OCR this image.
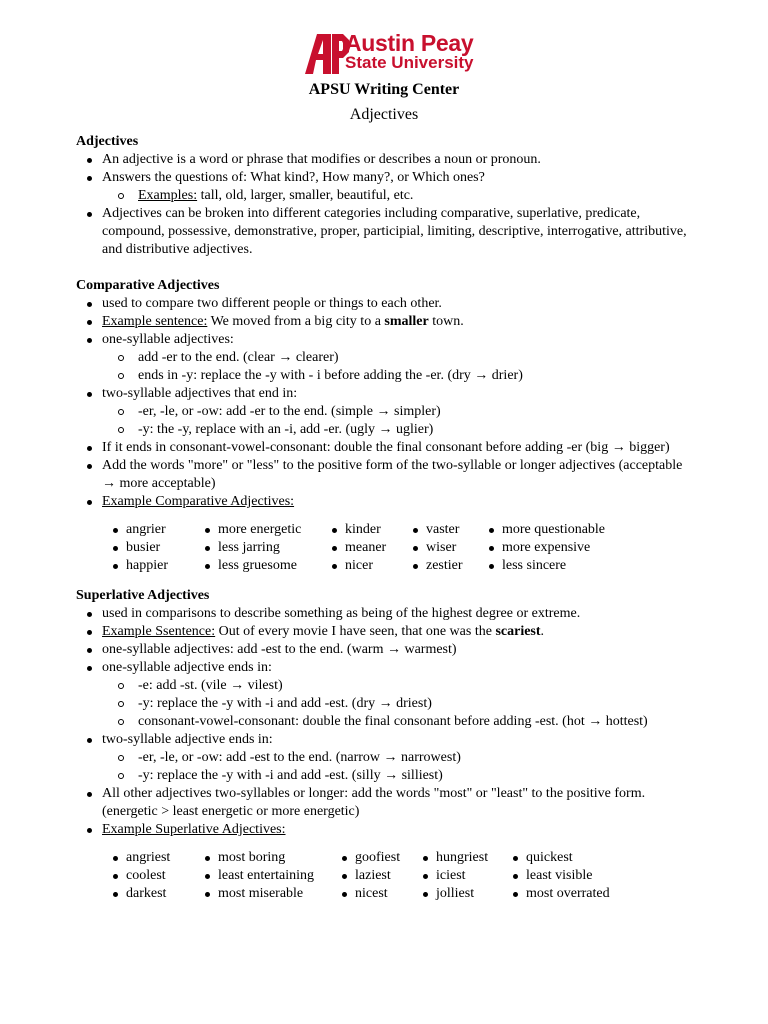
Austin Peay
State University
APSU Writing Center
Adjectives
Adjectives
An adjective is a word or phrase that modifies or describes a noun or pronoun.
Answers the questions of: What kind?, How many?, or Which ones?
Examples: tall, old, larger, smaller, beautiful, etc.
Adjectives can be broken into different categories including comparative, superlative, predicate, compound, possessive, demonstrative, proper, participial, limiting, descriptive, interrogative, attributive, and distributive adjectives.
Comparative Adjectives
used to compare two different people or things to each other.
Example sentence: We moved from a big city to a smaller town.
one-syllable adjectives:
add -er to the end. (clear → clearer)
ends in -y: replace the -y with - i before adding the -er. (dry → drier)
two-syllable adjectives that end in:
-er, -le, or -ow: add -er to the end. (simple → simpler)
-y: the -y, replace with an -i, add -er. (ugly → uglier)
If it ends in consonant-vowel-consonant: double the final consonant before adding -er (big → bigger)
Add the words "more" or "less" to the positive form of the two-syllable or longer adjectives (acceptable → more acceptable)
Example Comparative Adjectives:
angrier
busier
happier
more energetic
less jarring
less gruesome
kinder
meaner
nicer
vaster
wiser
zestier
more questionable
more expensive
less sincere
Superlative Adjectives
used in comparisons to describe something as being of the highest degree or extreme.
Example Ssentence: Out of every movie I have seen, that one was the scariest.
one-syllable adjectives: add -est to the end. (warm → warmest)
one-syllable adjective ends in:
-e: add -st. (vile → vilest)
-y: replace the -y with -i and add -est. (dry → driest)
consonant-vowel-consonant: double the final consonant before adding -est. (hot → hottest)
two-syllable adjective ends in:
-er, -le, or -ow: add -est to the end. (narrow → narrowest)
-y: replace the -y with -i and add -est. (silly → silliest)
All other adjectives two-syllables or longer: add the words "most" or "least" to the positive form. (energetic > least energetic or more energetic)
Example Superlative Adjectives:
angriest
coolest
darkest
most boring
least entertaining
most miserable
goofiest
laziest
nicest
hungriest
iciest
jolliest
quickest
least visible
most overrated
